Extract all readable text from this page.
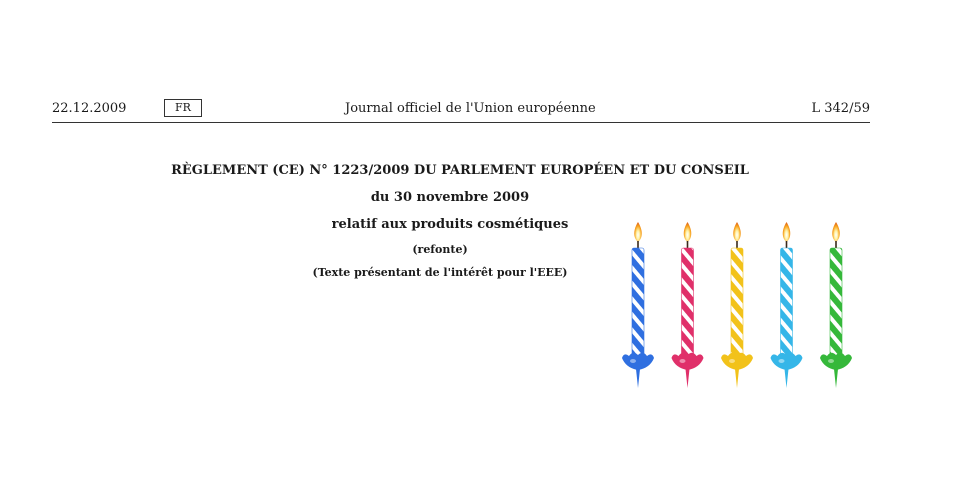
22.12.2009	FR	Journal officiel de l'Union européenne	L 342/59

RÈGLEMENT (CE) N° 1223/2009 DU PARLEMENT EUROPÉEN ET DU CONSEIL

du 30 novembre 2009

relatif aux produits cosmétiques

(refonte)

(Texte présentant de l'intérêt pour l'EEE)
